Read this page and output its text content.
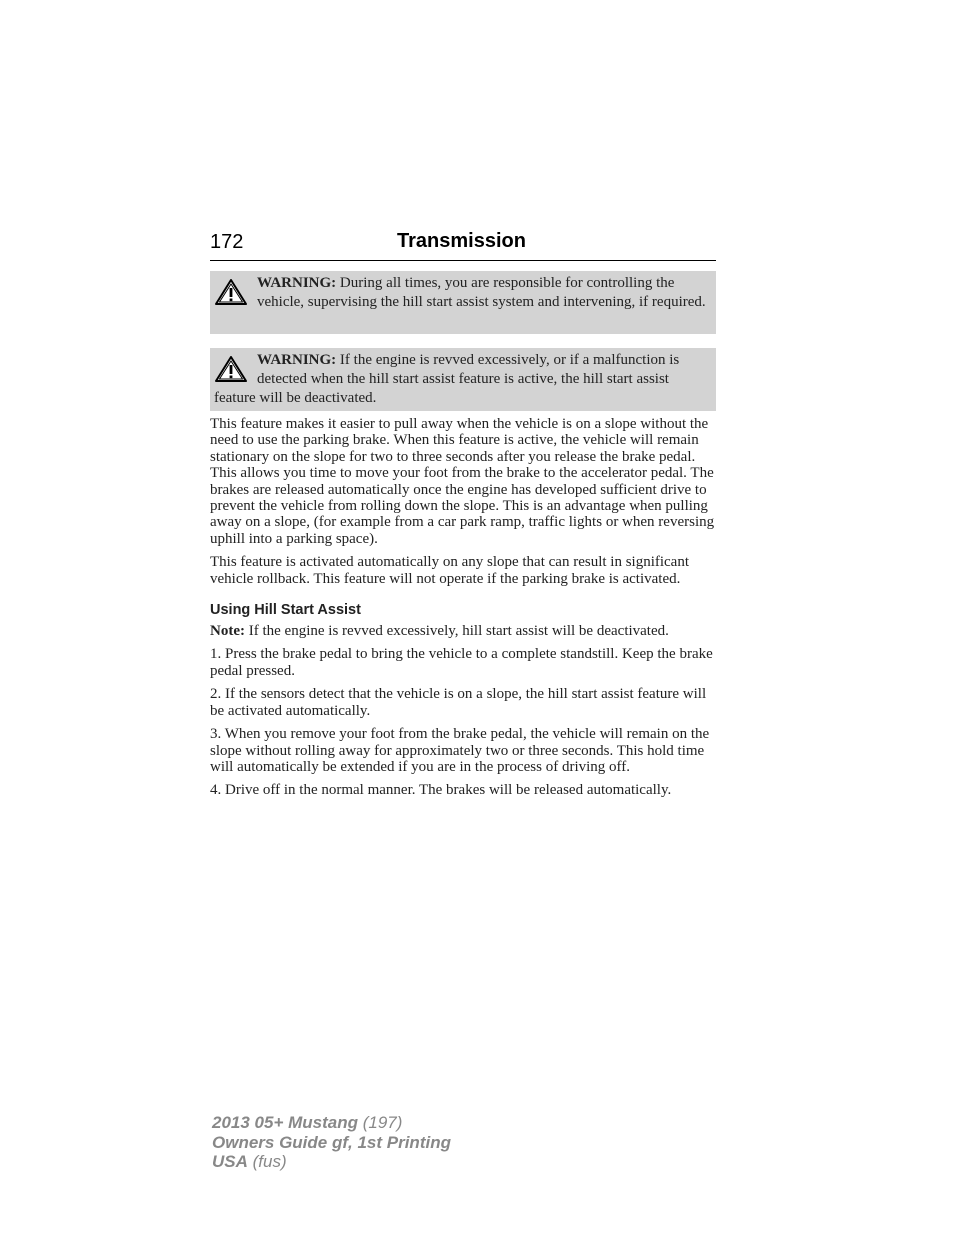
172	Transmission
WARNING: During all times, you are responsible for controlling the vehicle, supervising the hill start assist system and intervening, if required.
WARNING: If the engine is revved excessively, or if a malfunction is detected when the hill start assist feature is active, the hill start assist feature will be deactivated.

This feature makes it easier to pull away when the vehicle is on a slope without the need to use the parking brake. When this feature is active, the vehicle will remain stationary on the slope for two to three seconds after you release the brake pedal. This allows you time to move your foot from the brake to the accelerator pedal. The brakes are released automatically once the engine has developed sufficient drive to prevent the vehicle from rolling down the slope. This is an advantage when pulling away on a slope, (for example from a car park ramp, traffic lights or when reversing uphill into a parking space).

This feature is activated automatically on any slope that can result in significant vehicle rollback. This feature will not operate if the parking brake is activated.

Using Hill Start Assist

Note: If the engine is revved excessively, hill start assist will be deactivated.

1. Press the brake pedal to bring the vehicle to a complete standstill. Keep the brake pedal pressed.

2. If the sensors detect that the vehicle is on a slope, the hill start assist feature will be activated automatically.

3. When you remove your foot from the brake pedal, the vehicle will remain on the slope without rolling away for approximately two or three seconds. This hold time will automatically be extended if you are in the process of driving off.

4. Drive off in the normal manner. The brakes will be released automatically.

2013 05+ Mustang (197)
Owners Guide gf, 1st Printing
USA (fus)
